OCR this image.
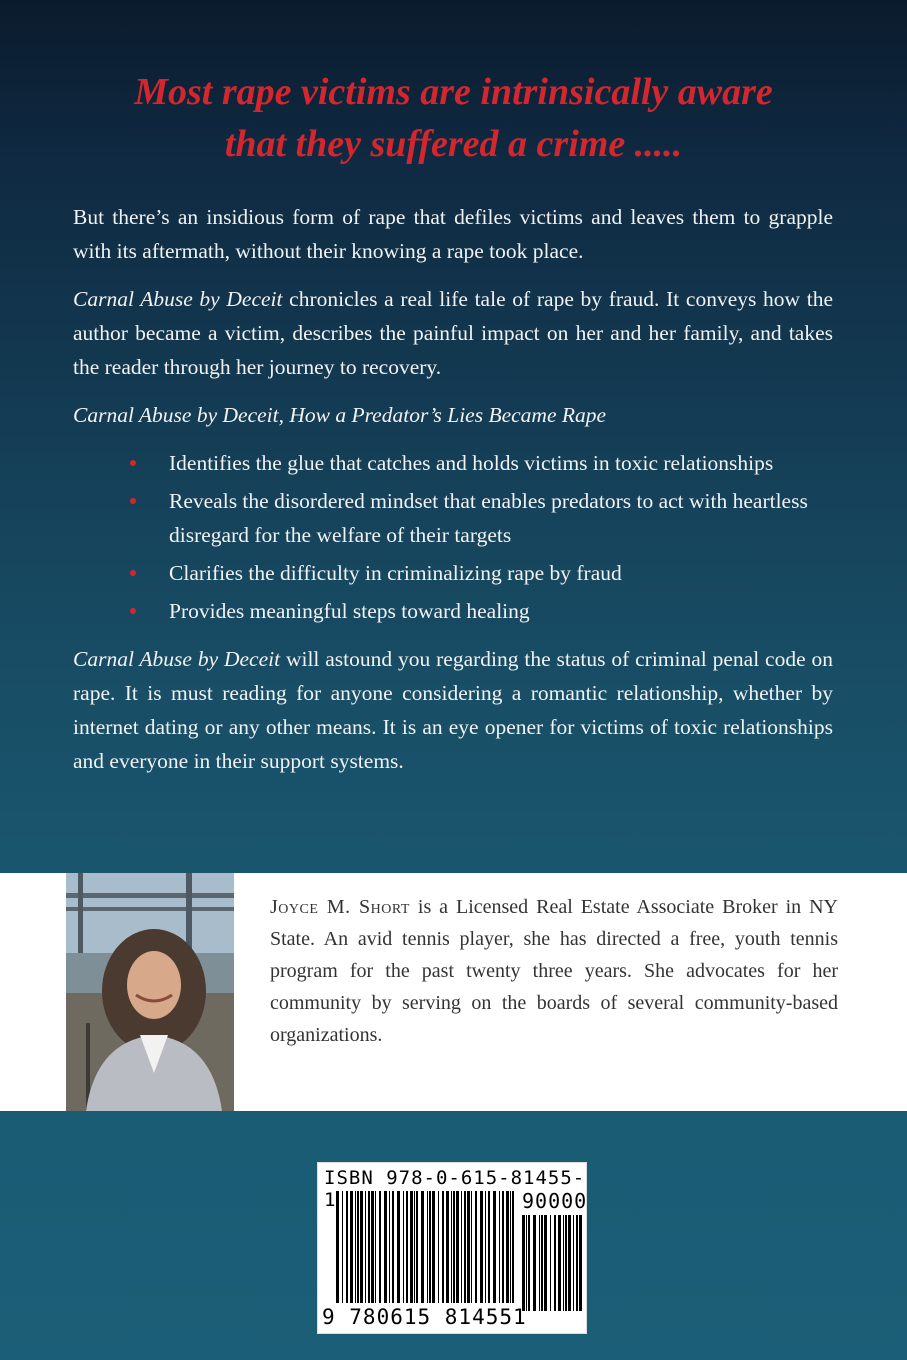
Most rape victims are intrinsically aware
that they suffered a crime .....

But there’s an insidious form of rape that defiles victims and leaves them to grapple with its aftermath, without their knowing a rape took place.

Carnal Abuse by Deceit chronicles a real life tale of rape by fraud. It conveys how the author became a victim, describes the painful impact on her and her family, and takes the reader through her journey to recovery.

Carnal Abuse by Deceit, How a Predator’s Lies Became Rape

Identifies the glue that catches and holds victims in toxic relationships
Reveals the disordered mindset that enables predators to act with heartless disregard for the welfare of their targets
Clarifies the difficulty in criminalizing rape by fraud
Provides meaningful steps toward healing

Carnal Abuse by Deceit will astound you regarding the status of criminal penal code on rape. It is must reading for anyone considering a romantic relationship, whether by internet dating or any other means. It is an eye opener for victims of toxic relationships and everyone in their support systems.

Joyce M. Short is a Licensed Real Estate Associate Broker in NY State. An avid tennis player, she has directed a free, youth tennis program for the past twenty three years. She advocates for her community by serving on the boards of several community-based organizations.

ISBN 978-0-615-81455-1	90000
9 780615 814551
